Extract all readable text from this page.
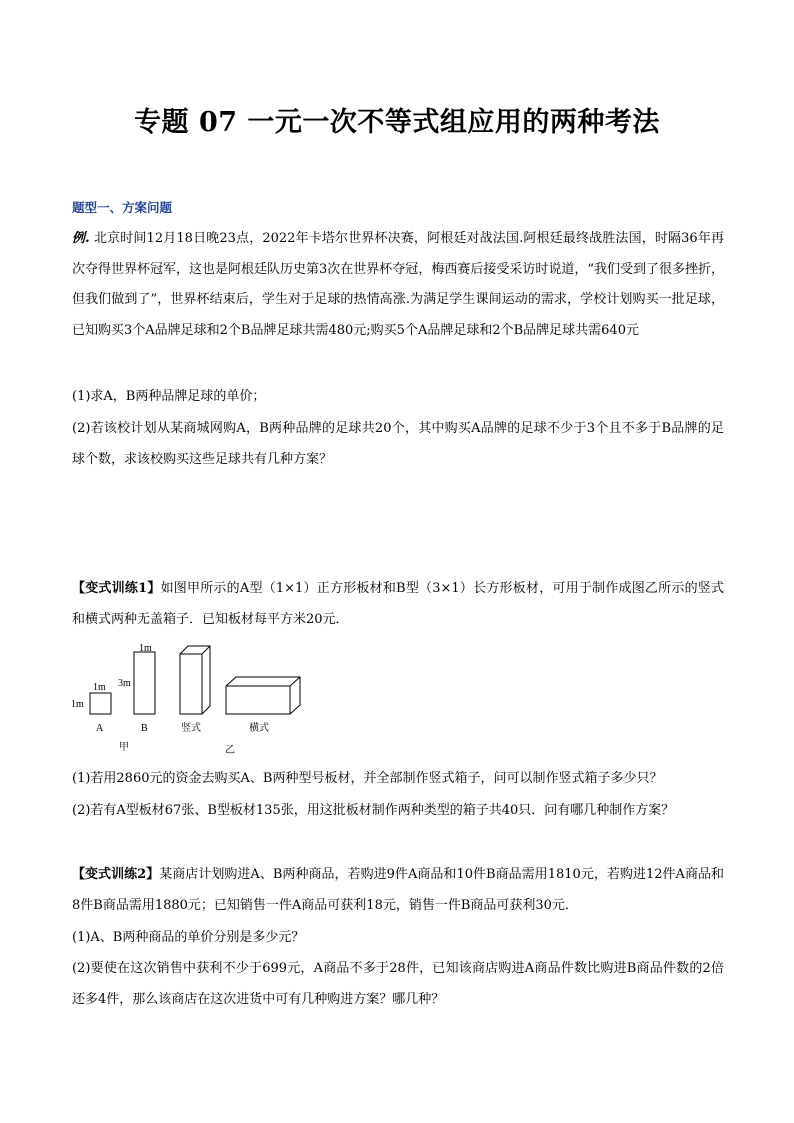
专题 07 一元一次不等式组应用的两种考法
题型一、方案问题
例. 北京时间12月18日晚23点，2022年卡塔尔世界杯决赛，阿根廷对战法国.阿根廷最终战胜法国，时隔36年再次夺得世界杯冠军，这也是阿根廷队历史第3次在世界杯夺冠，梅西赛后接受采访时说道，“我们受到了很多挫折，但我们做到了”，世界杯结束后，学生对于足球的热情高涨.为满足学生课间运动的需求，学校计划购买一批足球，已知购买3个A品牌足球和2个B品牌足球共需480元;购买5个A品牌足球和2个B品牌足球共需640元
(1)求A，B两种品牌足球的单价；
(2)若该校计划从某商城网购A，B两种品牌的足球共20个，其中购买A品牌的足球不少于3个且不多于B品牌的足球个数，求该校购买这些足球共有几种方案？
【变式训练1】如图甲所示的A型（1×1）正方形板材和B型（3×1）长方形板材，可用于制作成图乙所示的竖式和横式两种无盖箱子．已知板材每平方米20元．
1m
1m
A
1m
3m
B	竖式	横式
甲	乙
(1)若用2860元的资金去购买A、B两种型号板材，并全部制作竖式箱子，问可以制作竖式箱子多少只？
(2)若有A型板材67张、B型板材135张，用这批板材制作两种类型的箱子共40只．问有哪几种制作方案？
【变式训练2】某商店计划购进A、B两种商品，若购进9件A商品和10件B商品需用1810元，若购进12件A商品和8件B商品需用1880元；已知销售一件A商品可获利18元，销售一件B商品可获利30元．
(1)A、B两种商品的单价分别是多少元？
(2)要使在这次销售中获利不少于699元，A商品不多于28件，已知该商店购进A商品件数比购进B商品件数的2倍还多4件，那么该商店在这次进货中可有几种购进方案？哪几种？
